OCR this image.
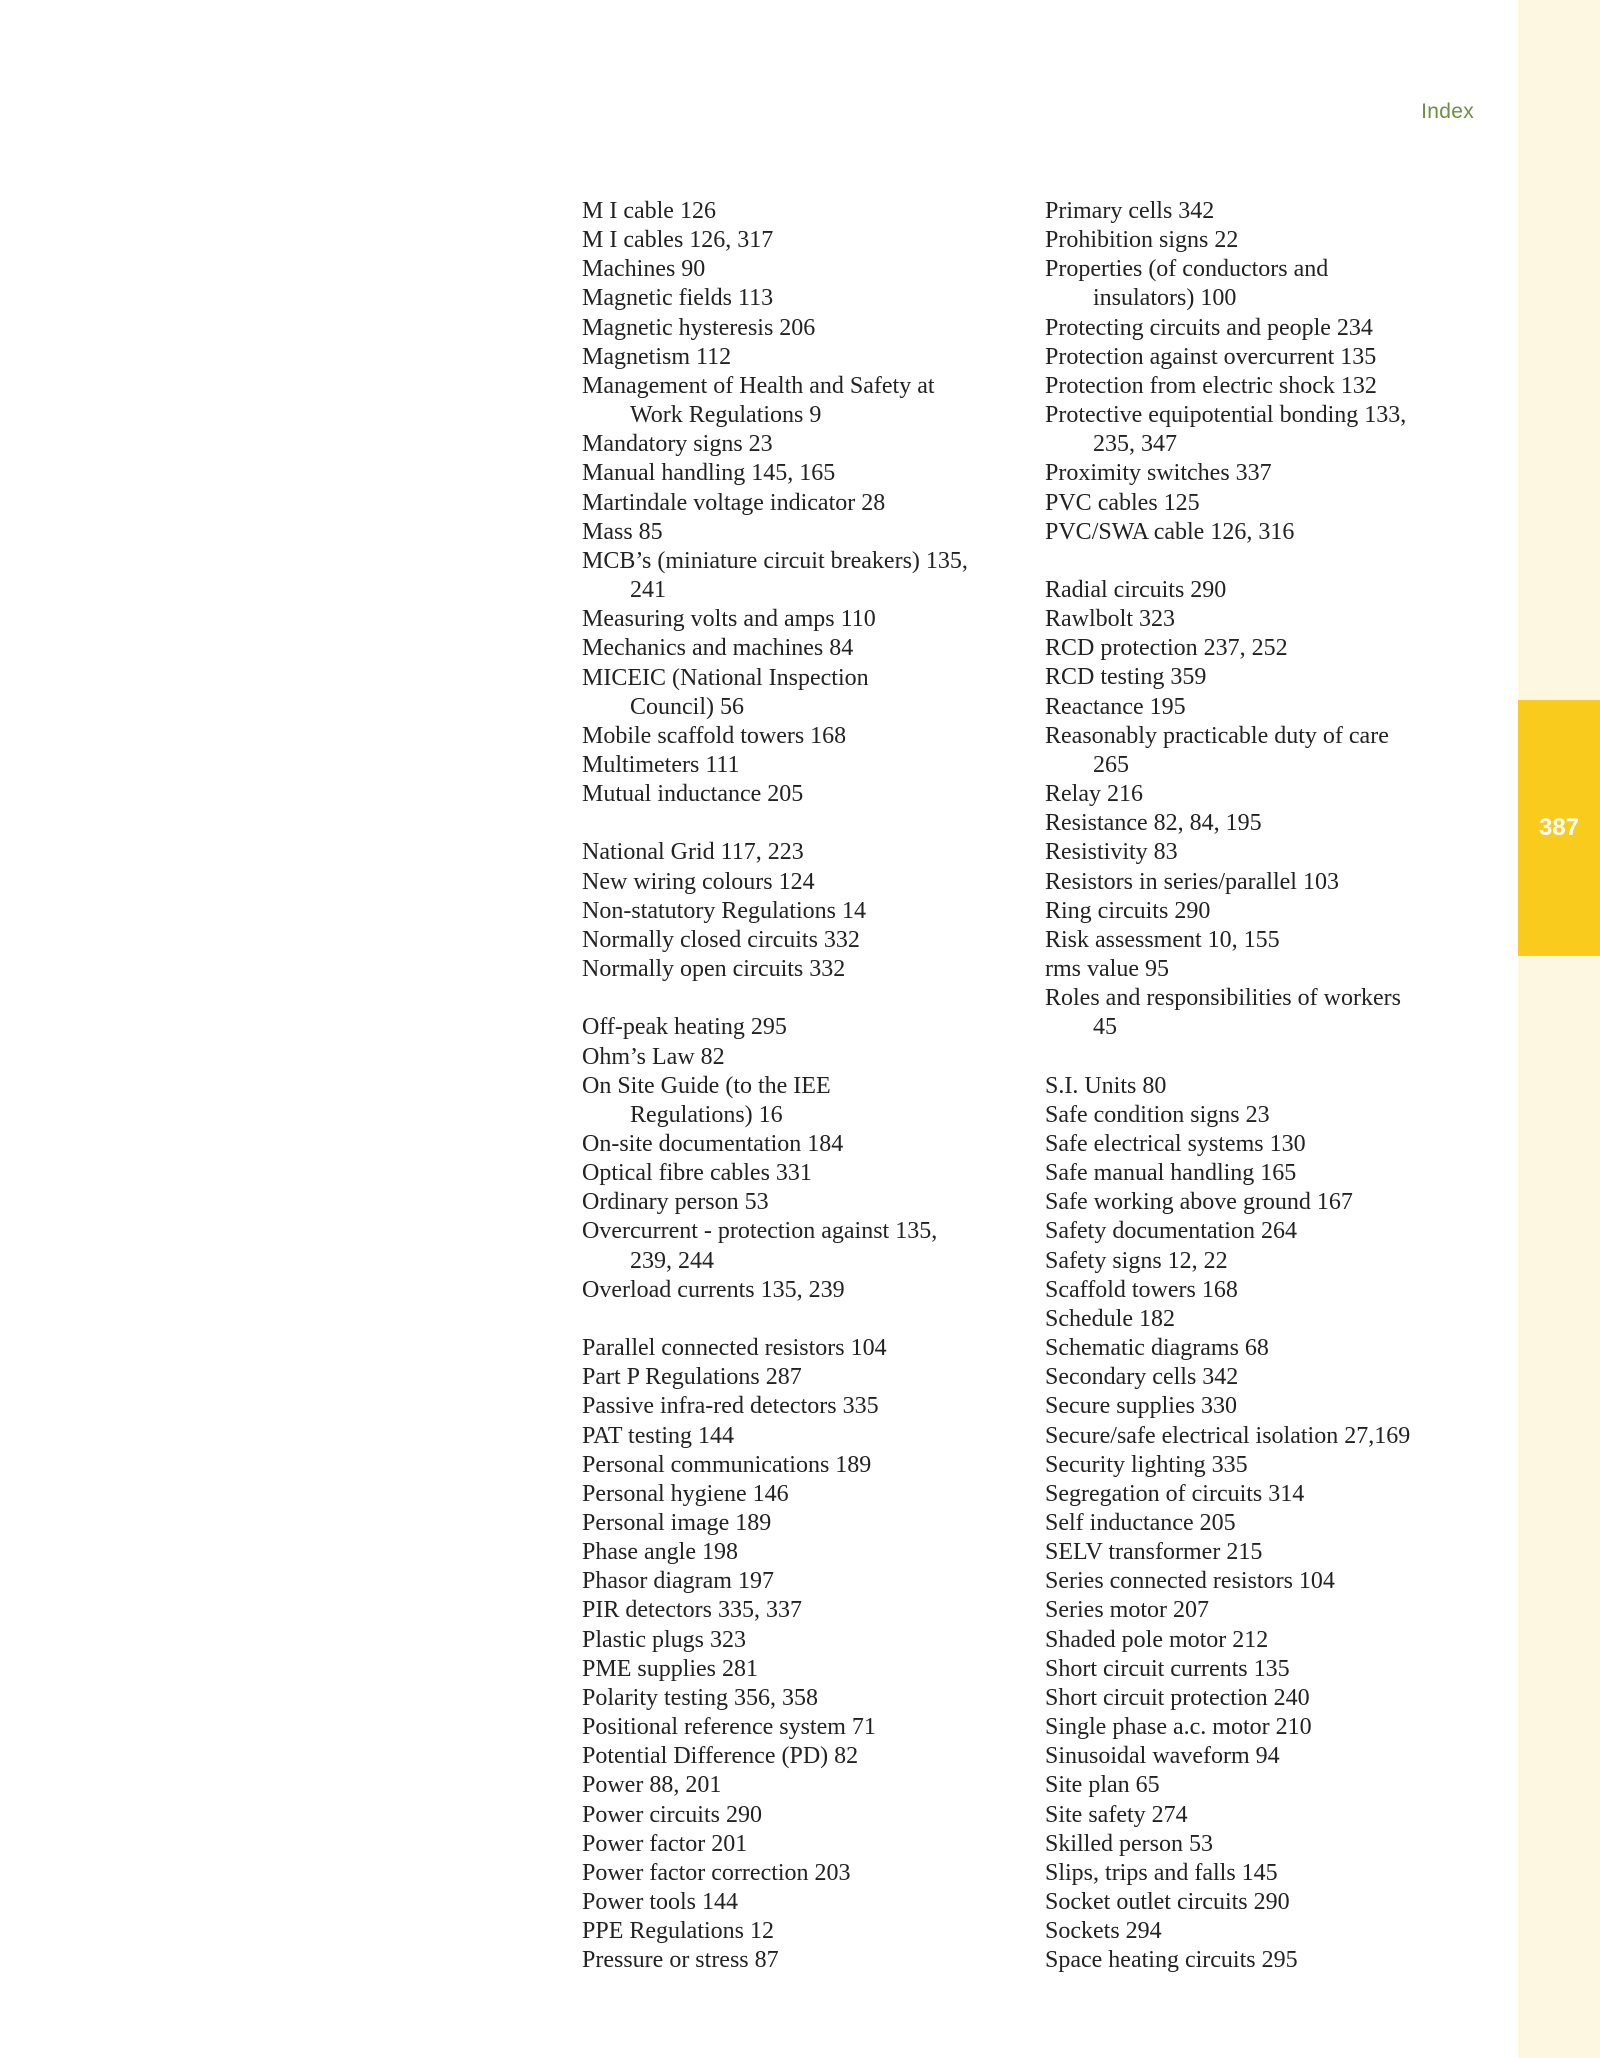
Index
387
M I cable 126
M I cables 126, 317
Machines 90
Magnetic fields 113
Magnetic hysteresis 206
Magnetism 112
Management of Health and Safety at
Work Regulations 9
Mandatory signs 23
Manual handling 145, 165
Martindale voltage indicator 28
Mass 85
MCB’s (miniature circuit breakers) 135,
241
Measuring volts and amps 110
Mechanics and machines 84
MICEIC (National Inspection
Council) 56
Mobile scaffold towers 168
Multimeters 111
Mutual inductance 205
National Grid 117, 223
New wiring colours 124
Non-statutory Regulations 14
Normally closed circuits 332
Normally open circuits 332
Off-peak heating 295
Ohm’s Law 82
On Site Guide (to the IEE
Regulations) 16
On-site documentation 184
Optical fibre cables 331
Ordinary person 53
Overcurrent - protection against 135,
239, 244
Overload currents 135, 239
Parallel connected resistors 104
Part P Regulations 287
Passive infra-red detectors 335
PAT testing 144
Personal communications 189
Personal hygiene 146
Personal image 189
Phase angle 198
Phasor diagram 197
PIR detectors 335, 337
Plastic plugs 323
PME supplies 281
Polarity testing 356, 358
Positional reference system 71
Potential Difference (PD) 82
Power 88, 201
Power circuits 290
Power factor 201
Power factor correction 203
Power tools 144
PPE Regulations 12
Pressure or stress 87
Primary cells 342
Prohibition signs 22
Properties (of conductors and
insulators) 100
Protecting circuits and people 234
Protection against overcurrent 135
Protection from electric shock 132
Protective equipotential bonding 133,
235, 347
Proximity switches 337
PVC cables 125
PVC/SWA cable 126, 316
Radial circuits 290
Rawlbolt 323
RCD protection 237, 252
RCD testing 359
Reactance 195
Reasonably practicable duty of care
265
Relay 216
Resistance 82, 84, 195
Resistivity 83
Resistors in series/parallel 103
Ring circuits 290
Risk assessment 10, 155
rms value 95
Roles and responsibilities of workers
45
S.I. Units 80
Safe condition signs 23
Safe electrical systems 130
Safe manual handling 165
Safe working above ground 167
Safety documentation 264
Safety signs 12, 22
Scaffold towers 168
Schedule 182
Schematic diagrams 68
Secondary cells 342
Secure supplies 330
Secure/safe electrical isolation 27,169
Security lighting 335
Segregation of circuits 314
Self inductance 205
SELV transformer 215
Series connected resistors 104
Series motor 207
Shaded pole motor 212
Short circuit currents 135
Short circuit protection 240
Single phase a.c. motor 210
Sinusoidal waveform 94
Site plan 65
Site safety 274
Skilled person 53
Slips, trips and falls 145
Socket outlet circuits 290
Sockets 294
Space heating circuits 295
